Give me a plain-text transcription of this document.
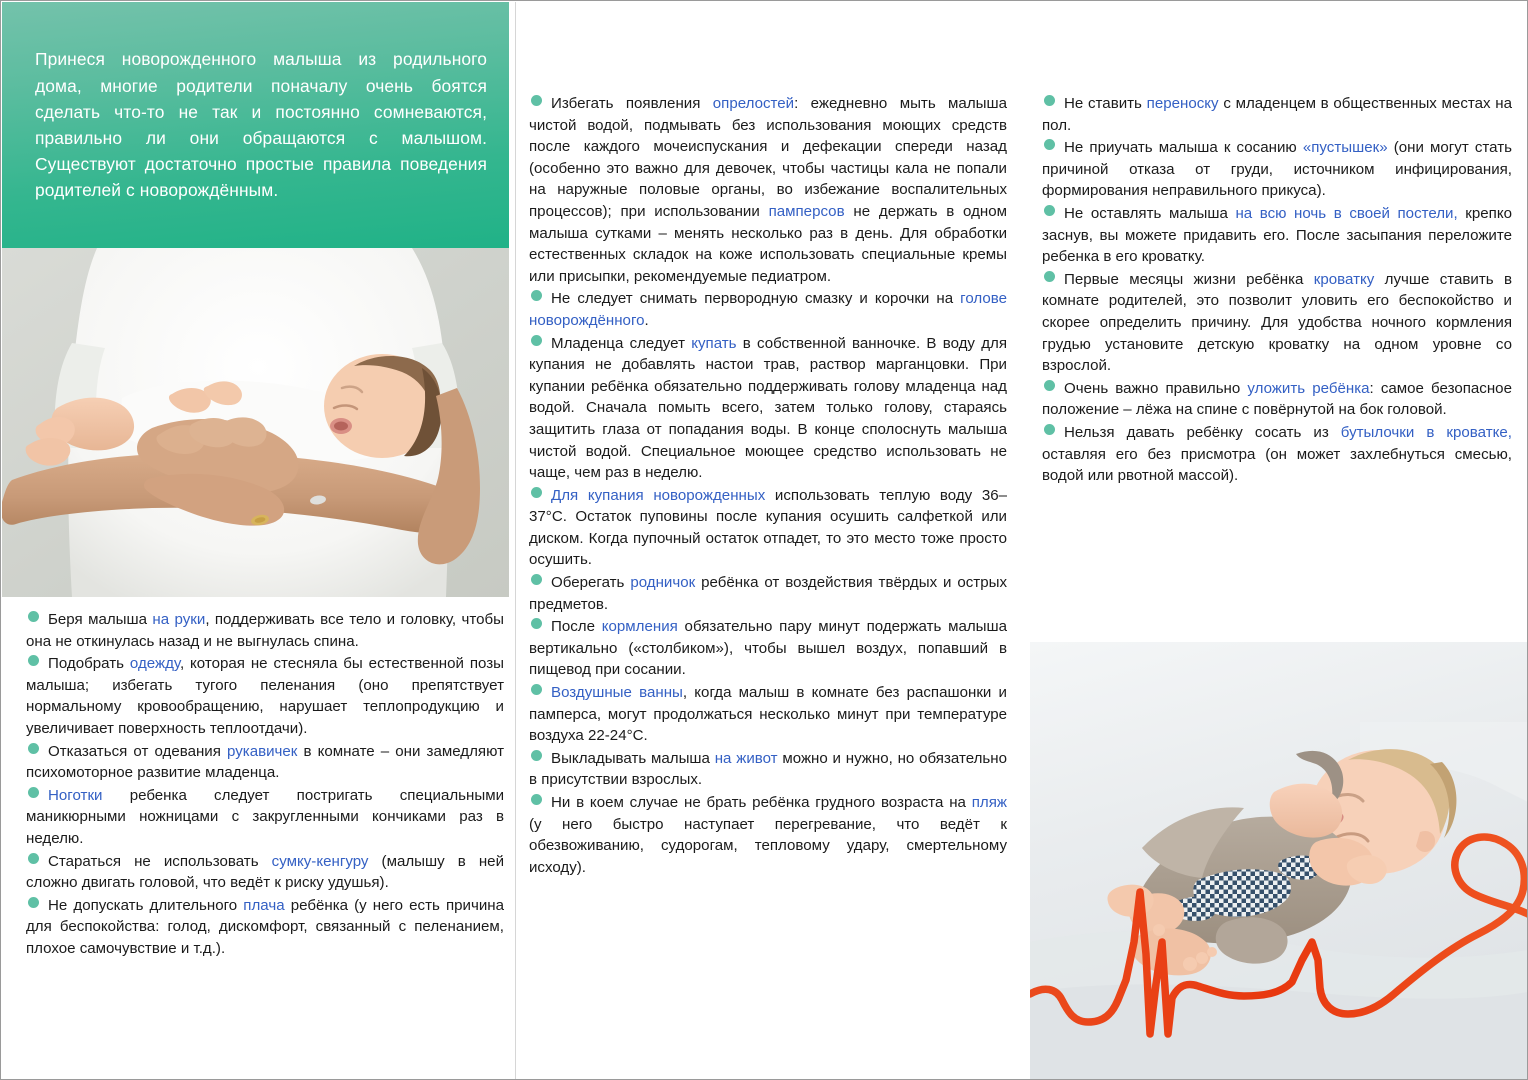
Принеся новорожденного малыша из родильного дома, многие родители поначалу очень боятся сделать что-то не так и постоянно сомневаются, правильно ли они обращаются с малышом. Существуют достаточно простые правила поведения родителей с новорождённым.

Беря малыша на руки, поддерживать все тело и головку, чтобы она не откинулась назад и не выгнулась спина.

Подобрать одежду, которая не стесняла бы естественной позы малыша; избегать тугого пеленания (оно препятствует нормальному кровообращению, нарушает теплопродукцию и увеличивает поверхность теплоотдачи).

Отказаться от одевания рукавичек в комнате – они замедляют психомоторное развитие младенца.

Ноготки ребенка следует постригать специальными маникюрными ножницами с закругленными кончиками раз в неделю.

Стараться не использовать сумку-кенгуру (малышу в ней сложно двигать головой, что ведёт к риску удушья).

Не допускать длительного плача ребёнка (у него есть причина для беспокойства: голод, дискомфорт, связанный с пеленанием, плохое самочувствие и т.д.).

Избегать появления опрелостей: ежедневно мыть малыша чистой водой, подмывать без использования моющих средств после каждого мочеиспускания и дефекации спереди назад (особенно это важно для девочек, чтобы частицы кала не попали на наружные половые органы, во избежание воспалительных процессов); при использовании памперсов не держать в одном малыша сутками – менять несколько раз в день. Для обработки естественных складок на коже использовать специальные кремы или присыпки, рекомендуемые педиатром.

Не следует снимать первородную смазку и корочки на голове новорождённого.

Младенца следует купать в собственной ванночке. В воду для купания не добавлять настои трав, раствор марганцовки. При купании ребёнка обязательно поддерживать голову младенца над водой. Сначала помыть всего, затем только голову, стараясь защитить глаза от попадания воды. В конце сполоснуть малыша чистой водой. Специальное моющее средство использовать не чаще, чем раз в неделю.

Для купания новорожденных использовать теплую воду 36– 37°С. Остаток пуповины после купания осушить салфеткой или диском. Когда пупочный остаток отпадет, то это место тоже просто осушить.

Оберегать родничок ребёнка от воздействия твёрдых и острых предметов.

После кормления обязательно пару минут подержать малыша вертикально («столбиком»), чтобы вышел воздух, попавший в пищевод при сосании.

Воздушные ванны, когда малыш в комнате без распашонки и памперса, могут продолжаться несколько минут при температуре воздуха 22-24°С.

Выкладывать малыша на живот можно и нужно, но обязательно в присутствии взрослых.

Ни в коем случае не брать ребёнка грудного возраста на пляж (у него быстро наступает перегревание, что ведёт к обезвоживанию, судорогам, тепловому удару, смертельному исходу).

Не ставить переноску с младенцем в общественных местах на пол.

Не приучать малыша к сосанию «пустышек» (они могут стать причиной отказа от груди, источником инфицирования, формирования неправильного прикуса).

Не оставлять малыша на всю ночь в своей постели, крепко заснув, вы можете придавить его. После засыпания переложите ребенка в его кроватку.

Первые месяцы жизни ребёнка кроватку лучше ставить в комнате родителей, это позволит уловить его беспокойство и скорее определить причину. Для удобства ночного кормления грудью установите детскую кроватку на одном уровне со взрослой.

Очень важно правильно уложить ребёнка: самое безопасное положение – лёжа на спине с повёрнутой на бок головой.

Нельзя давать ребёнку сосать из бутылочки в кроватке, оставляя его без присмотра (он может захлебнуться смесью, водой или рвотной массой).
